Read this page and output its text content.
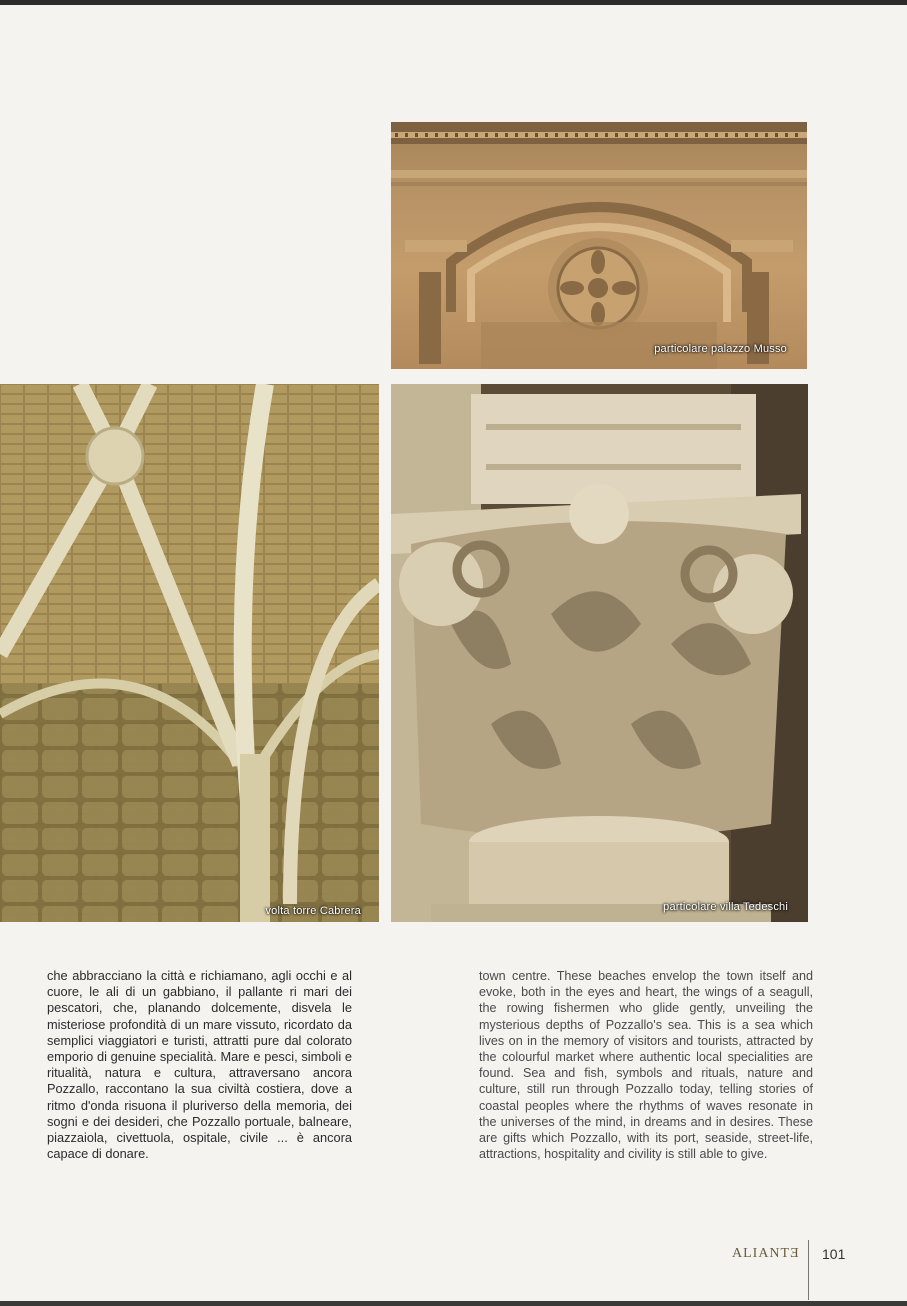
particolare palazzo Musso
volta torre Cabrera	particolare villa Tedeschi
che abbracciano la città e richiamano, agli occhi e al cuore, le ali di un gabbiano, il pallante ri mari dei pescatori, che, planando dolcemente, disvela le misteriose profondità di un mare vissuto, ricordato da semplici viaggiatori e turisti, attratti pure dal colorato emporio di genuine specialità. Mare e pesci, simboli e ritualità, natura e cultura, attraversano ancora Pozzallo, raccontano la sua civiltà costiera, dove a ritmo d'onda risuona il pluriverso della memoria, dei sogni e dei desideri, che Pozzallo portuale, balneare, piazzaiola, civettuola, ospitale, civile ... è ancora capace di donare.
town centre. These beaches envelop the town itself and evoke, both in the eyes and heart, the wings of a seagull, the rowing fishermen who glide gently, unveiling the mysterious depths of Pozzallo's sea. This is a sea which lives on in the memory of visitors and tourists, attracted by the colourful market where authentic local specialities are found. Sea and fish, symbols and rituals, nature and culture, still run through Pozzallo today, telling stories of coastal peoples where the rhythms of waves resonate in the universes of the mind, in dreams and in desires. These are gifts which Pozzallo, with its port, seaside, street-life, attractions, hospitality and civility is still able to give.
ALIANTƎ 101
